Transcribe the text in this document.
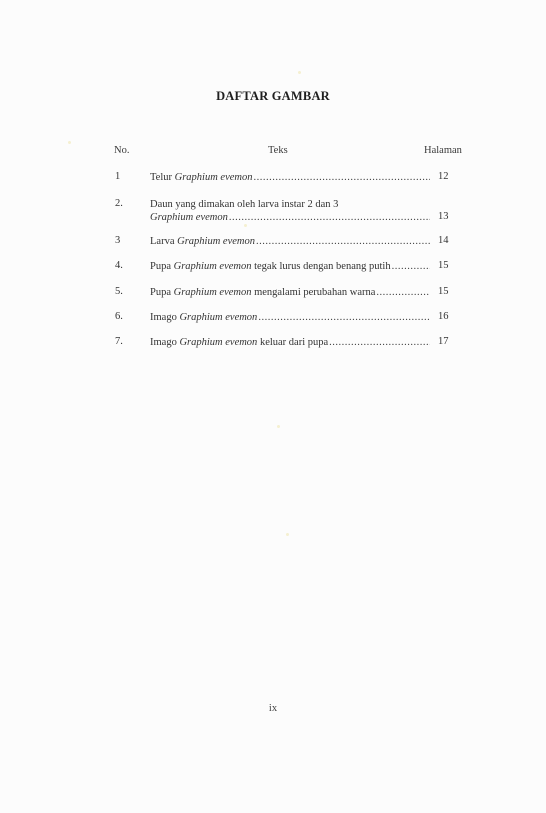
DAFTAR GAMBAR
No.	Teks	Halaman
1	Telur Graphium evemon .....	12
2.	Daun yang dimakan oleh larva instar 2 dan 3
Graphium evemon .....	13
3	Larva Graphium evemon .....	14
4.	Pupa Graphium evemon tegak lurus dengan benang putih .....	15
5.	Pupa Graphium evemon mengalami perubahan warna .....	15
6.	Imago Graphium evemon .....	16
7.	Imago Graphium evemon keluar dari pupa .....	17
ix
